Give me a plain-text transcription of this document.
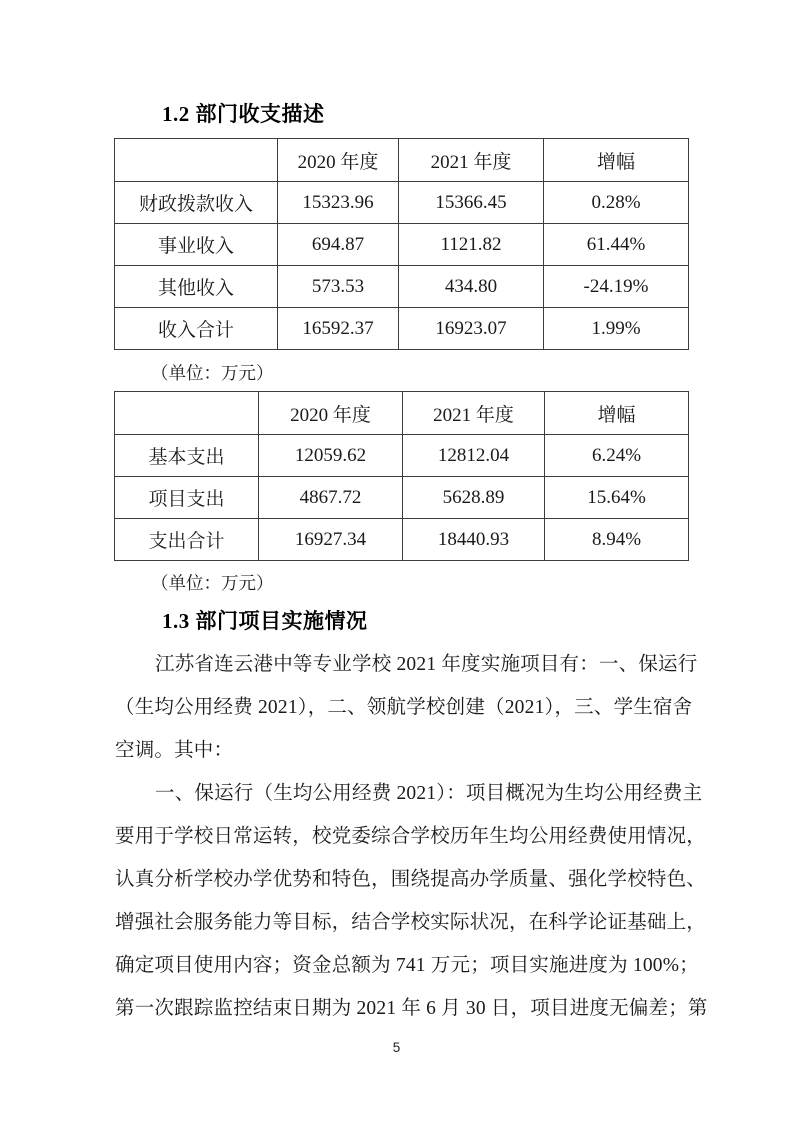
1.2 部门收支描述
	2020 年度	2021 年度	增幅
财政拨款收入	15323.96	15366.45	0.28%
事业收入	694.87	1121.82	61.44%
其他收入	573.53	434.80	-24.19%
收入合计	16592.37	16923.07	1.99%
（单位：万元）
	2020 年度	2021 年度	增幅
基本支出	12059.62	12812.04	6.24%
项目支出	4867.72	5628.89	15.64%
支出合计	16927.34	18440.93	8.94%
（单位：万元）
1.3 部门项目实施情况
江苏省连云港中等专业学校 2021 年度实施项目有：一、保运行
（生均公用经费 2021），二、领航学校创建（2021），三、学生宿舍
空调。其中：
一、保运行（生均公用经费 2021）：项目概况为生均公用经费主
要用于学校日常运转，校党委综合学校历年生均公用经费使用情况，
认真分析学校办学优势和特色，围绕提高办学质量、强化学校特色、
增强社会服务能力等目标，结合学校实际状况，在科学论证基础上，
确定项目使用内容；资金总额为 741 万元；项目实施进度为 100%；
第一次跟踪监控结束日期为 2021 年 6 月 30 日，项目进度无偏差；第
5
